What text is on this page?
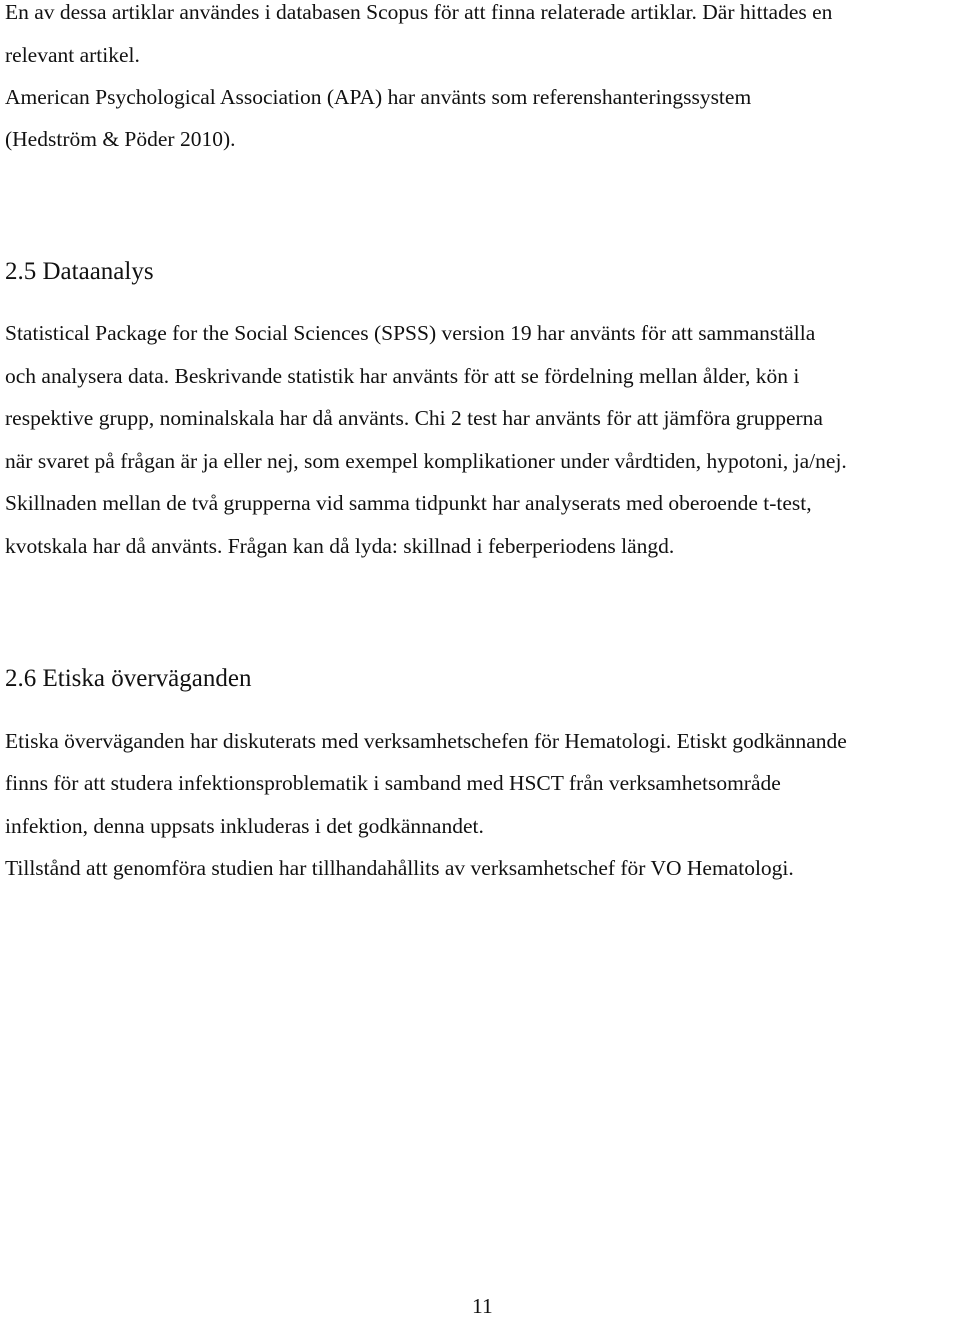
En av dessa artiklar användes i databasen Scopus för att finna relaterade artiklar. Där hittades en
relevant artikel.
American Psychological Association (APA) har använts som referenshanteringssystem
(Hedström & Pöder 2010).
2.5 Dataanalys
Statistical Package for the Social Sciences (SPSS) version 19 har använts för att sammanställa
och analysera data. Beskrivande statistik har använts för att se fördelning mellan ålder, kön i
respektive grupp, nominalskala har då använts. Chi 2 test har använts för att jämföra grupperna
när svaret på frågan är ja eller nej, som exempel komplikationer under vårdtiden, hypotoni, ja/nej.
Skillnaden mellan de två grupperna vid samma tidpunkt har analyserats med oberoende t-test,
kvotskala har då använts. Frågan kan då lyda: skillnad i feberperiodens längd.
2.6 Etiska överväganden
Etiska överväganden har diskuterats med verksamhetschefen för Hematologi. Etiskt godkännande
finns för att studera infektionsproblematik i samband med HSCT från verksamhetsområde
infektion, denna uppsats inkluderas i det godkännandet.
Tillstånd att genomföra studien har tillhandahållits av verksamhetschef för VO Hematologi.
11
